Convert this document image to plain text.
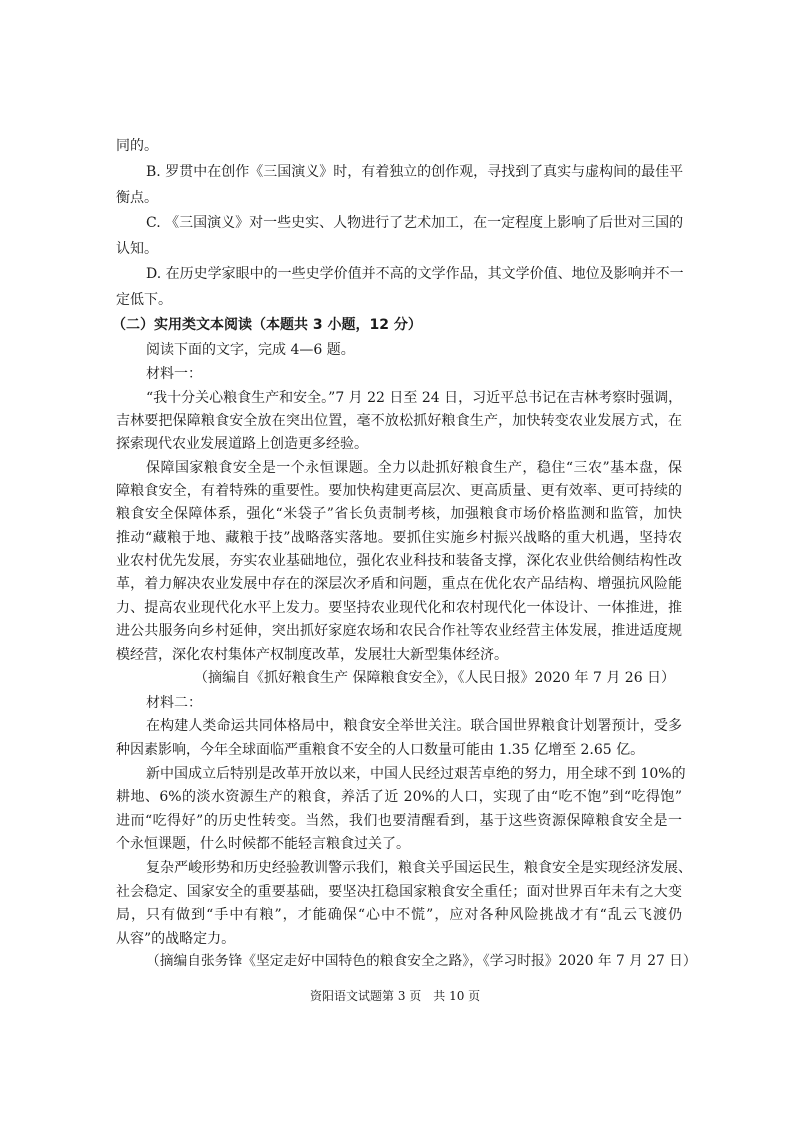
同的。

B. 罗贯中在创作《三国演义》时，有着独立的创作观，寻找到了真实与虚构间的最佳平

衡点。

C. 《三国演义》对一些史实、人物进行了艺术加工，在一定程度上影响了后世对三国的

认知。

D. 在历史学家眼中的一些史学价值并不高的文学作品，其文学价值、地位及影响并不一

定低下。

（二）实用类文本阅读（本题共 3 小题，12 分）

阅读下面的文字，完成 4—6 题。

材料一：

“我十分关心粮食生产和安全。”7 月 22 日至 24 日，习近平总书记在吉林考察时强调，

吉林要把保障粮食安全放在突出位置，毫不放松抓好粮食生产，加快转变农业发展方式，在

探索现代农业发展道路上创造更多经验。

保障国家粮食安全是一个永恒课题。全力以赴抓好粮食生产，稳住“三农”基本盘，保

障粮食安全，有着特殊的重要性。要加快构建更高层次、更高质量、更有效率、更可持续的

粮食安全保障体系，强化“米袋子”省长负责制考核，加强粮食市场价格监测和监管，加快

推动“藏粮于地、藏粮于技”战略落实落地。要抓住实施乡村振兴战略的重大机遇，坚持农

业农村优先发展，夯实农业基础地位，强化农业科技和装备支撑，深化农业供给侧结构性改

革，着力解决农业发展中存在的深层次矛盾和问题，重点在优化农产品结构、增强抗风险能

力、提高农业现代化水平上发力。要坚持农业现代化和农村现代化一体设计、一体推进，推

进公共服务向乡村延伸，突出抓好家庭农场和农民合作社等农业经营主体发展，推进适度规

模经营，深化农村集体产权制度改革，发展壮大新型集体经济。

（摘编自《抓好粮食生产 保障粮食安全》，《人民日报》2020 年 7 月 26 日）

材料二：

在构建人类命运共同体格局中，粮食安全举世关注。联合国世界粮食计划署预计，受多

种因素影响，今年全球面临严重粮食不安全的人口数量可能由 1.35 亿增至 2.65 亿。

新中国成立后特别是改革开放以来，中国人民经过艰苦卓绝的努力，用全球不到 10%的

耕地、6%的淡水资源生产的粮食，养活了近 20%的人口，实现了由“吃不饱”到“吃得饱”

进而“吃得好”的历史性转变。当然，我们也要清醒看到，基于这些资源保障粮食安全是一

个永恒课题，什么时候都不能轻言粮食过关了。

复杂严峻形势和历史经验教训警示我们，粮食关乎国运民生，粮食安全是实现经济发展、

社会稳定、国家安全的重要基础，要坚决扛稳国家粮食安全重任；面对世界百年未有之大变

局，只有做到“手中有粮”，才能确保“心中不慌”，应对各种风险挑战才有“乱云飞渡仍

从容”的战略定力。

（摘编自张务锋《坚定走好中国特色的粮食安全之路》，《学习时报》2020 年 7 月 27 日）

资阳语文试题第 3 页　共 10 页
